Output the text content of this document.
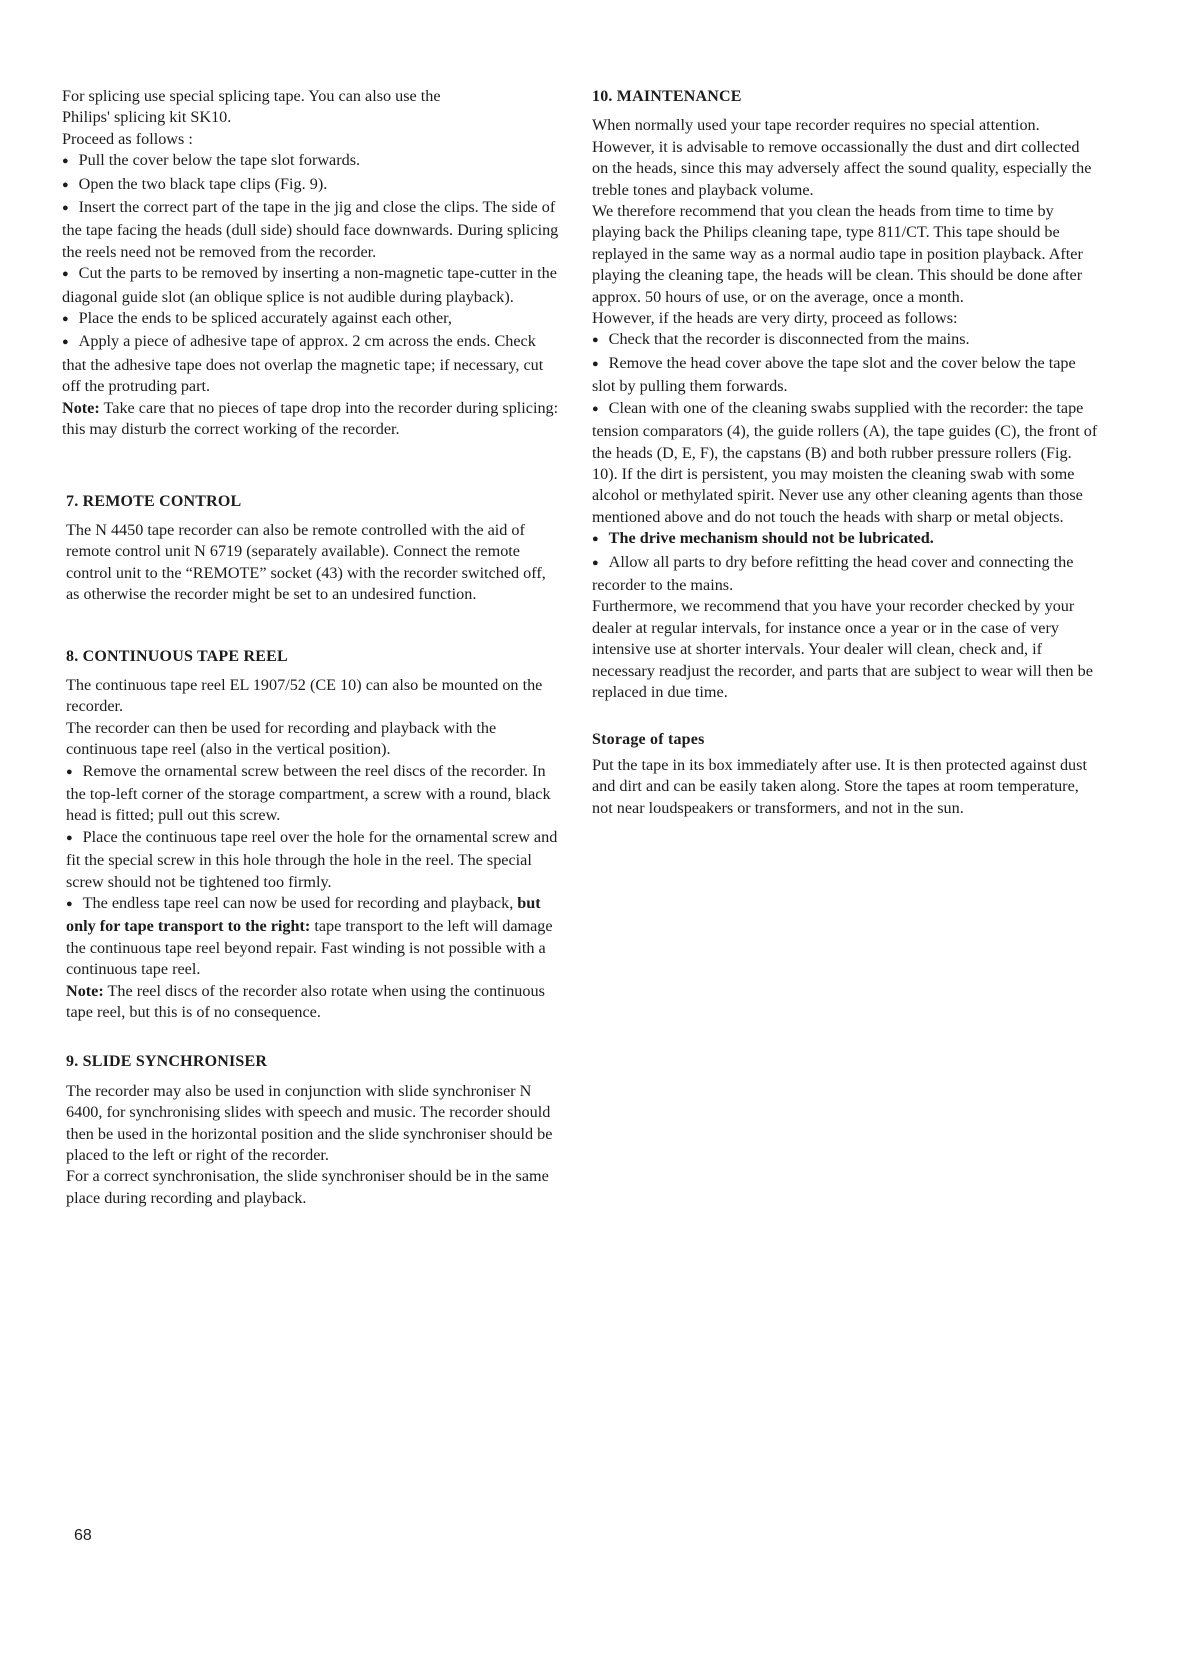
For splicing use special splicing tape. You can also use the

Philips' splicing kit SK10.

Proceed as follows :

● Pull the cover below the tape slot forwards.

● Open the two black tape clips (Fig. 9).

● Insert the correct part of the tape in the jig and close the clips. The side of the tape facing the heads (dull side) should face downwards. During splicing the reels need not be removed from the recorder.

● Cut the parts to be removed by inserting a non-magnetic tape-cutter in the diagonal guide slot (an oblique splice is not audible during playback).

● Place the ends to be spliced accurately against each other,

● Apply a piece of adhesive tape of approx. 2 cm across the ends. Check that the adhesive tape does not overlap the magnetic tape; if necessary, cut off the protruding part.

Note: Take care that no pieces of tape drop into the recorder during splicing: this may disturb the correct working of the recorder.

7. REMOTE CONTROL

The N 4450 tape recorder can also be remote controlled with the aid of remote control unit N 6719 (separately available). Connect the remote control unit to the “REMOTE” socket (43) with the recorder switched off, as otherwise the recorder might be set to an undesired function.

8. CONTINUOUS TAPE REEL

The continuous tape reel EL 1907/52 (CE 10) can also be mounted on the recorder.

The recorder can then be used for recording and playback with the continuous tape reel (also in the vertical position).

● Remove the ornamental screw between the reel discs of the recorder. In the top-left corner of the storage compartment, a screw with a round, black head is fitted; pull out this screw.

● Place the continuous tape reel over the hole for the ornamental screw and fit the special screw in this hole through the hole in the reel. The special screw should not be tightened too firmly.

● The endless tape reel can now be used for recording and playback, but only for tape transport to the right: tape transport to the left will damage the continuous tape reel beyond repair. Fast winding is not possible with a continuous tape reel.

Note: The reel discs of the recorder also rotate when using the continuous tape reel, but this is of no consequence.

9. SLIDE SYNCHRONISER

The recorder may also be used in conjunction with slide synchroniser N 6400, for synchronising slides with speech and music. The recorder should then be used in the horizontal position and the slide synchroniser should be placed to the left or right of the recorder.

For a correct synchronisation, the slide synchroniser should be in the same place during recording and playback.

10. MAINTENANCE

When normally used your tape recorder requires no special attention. However, it is advisable to remove occassionally the dust and dirt collected on the heads, since this may adversely affect the sound quality, especially the treble tones and playback volume.

We therefore recommend that you clean the heads from time to time by playing back the Philips cleaning tape, type 811/CT. This tape should be replayed in the same way as a normal audio tape in position playback. After playing the cleaning tape, the heads will be clean. This should be done after approx. 50 hours of use, or on the average, once a month.

However, if the heads are very dirty, proceed as follows:

● Check that the recorder is disconnected from the mains.

● Remove the head cover above the tape slot and the cover below the tape slot by pulling them forwards.

● Clean with one of the cleaning swabs supplied with the recorder: the tape tension comparators (4), the guide rollers (A), the tape guides (C), the front of the heads (D, E, F), the capstans (B) and both rubber pressure rollers (Fig. 10). If the dirt is persistent, you may moisten the cleaning swab with some alcohol or methylated spirit. Never use any other cleaning agents than those mentioned above and do not touch the heads with sharp or metal objects.

● The drive mechanism should not be lubricated.

● Allow all parts to dry before refitting the head cover and connecting the recorder to the mains.

Furthermore, we recommend that you have your recorder checked by your dealer at regular intervals, for instance once a year or in the case of very intensive use at shorter intervals. Your dealer will clean, check and, if necessary readjust the recorder, and parts that are subject to wear will then be replaced in due time.

Storage of tapes

Put the tape in its box immediately after use. It is then protected against dust and dirt and can be easily taken along. Store the tapes at room temperature, not near loudspeakers or transformers, and not in the sun.

68
